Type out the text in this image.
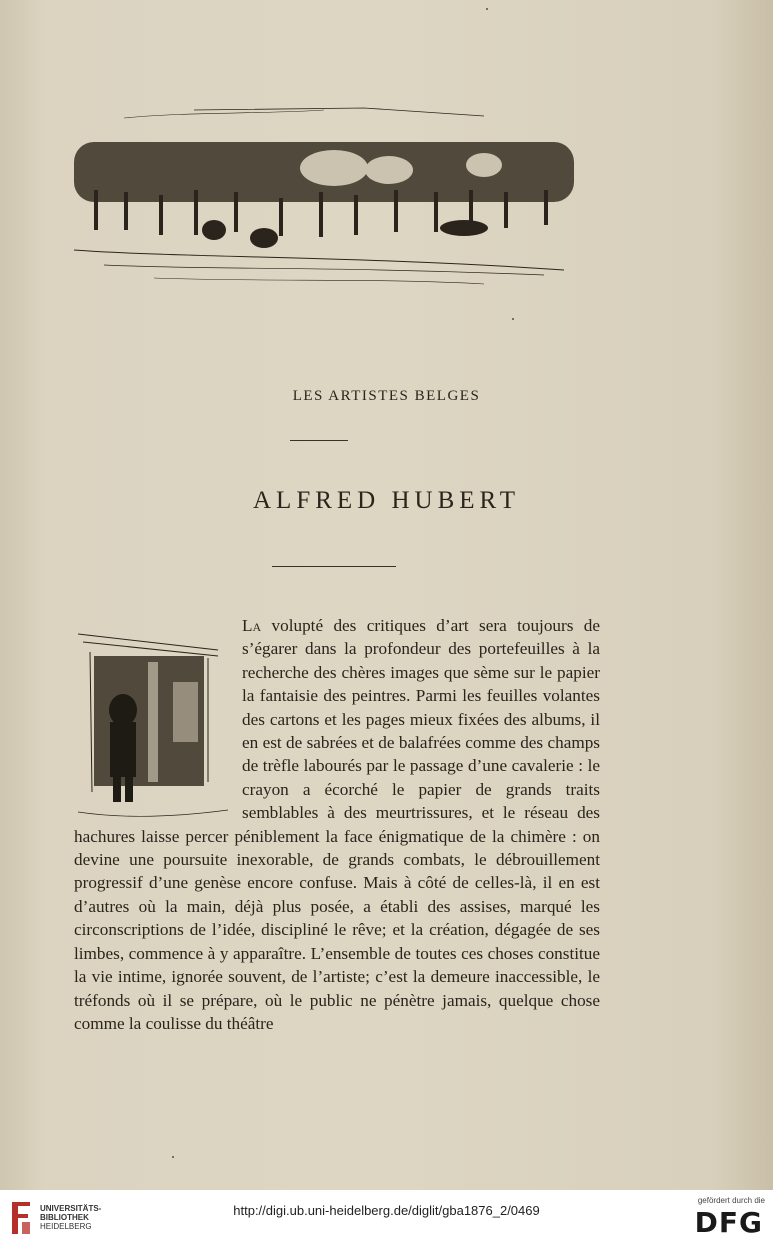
LES ARTISTES BELGES
ALFRED HUBERT
La volupté des critiques d’art sera toujours de s’égarer dans la profondeur des portefeuilles à la recherche des chères images que sème sur le papier la fantaisie des peintres. Parmi les feuilles volantes des cartons et les pages mieux fixées des albums, il en est de sabrées et de balafrées comme des champs de trèfle labourés par le passage d’une cavalerie : le crayon a écorché le papier de grands traits semblables à des meurtrissures, et le réseau des hachures laisse percer péniblement la face énigmatique de la chimère : on devine une poursuite inexorable, de grands combats, le débrouillement progressif d’une genèse encore confuse. Mais à côté de celles-là, il en est d’autres où la main, déjà plus posée, a établi des assises, marqué les circonscriptions de l’idée, discipliné le rêve; et la création, dégagée de ses limbes, commence à y apparaître. L’ensemble de toutes ces choses constitue la vie intime, ignorée souvent, de l’artiste; c’est la demeure inaccessible, le tréfonds où il se prépare, où le public ne pénètre jamais, quelque chose comme la coulisse du théâtre
UNIVERSITÄTS-
BIBLIOTHEK
HEIDELBERG
http://digi.ub.uni-heidelberg.de/diglit/gba1876_2/0469
gefördert durch die
DFG
